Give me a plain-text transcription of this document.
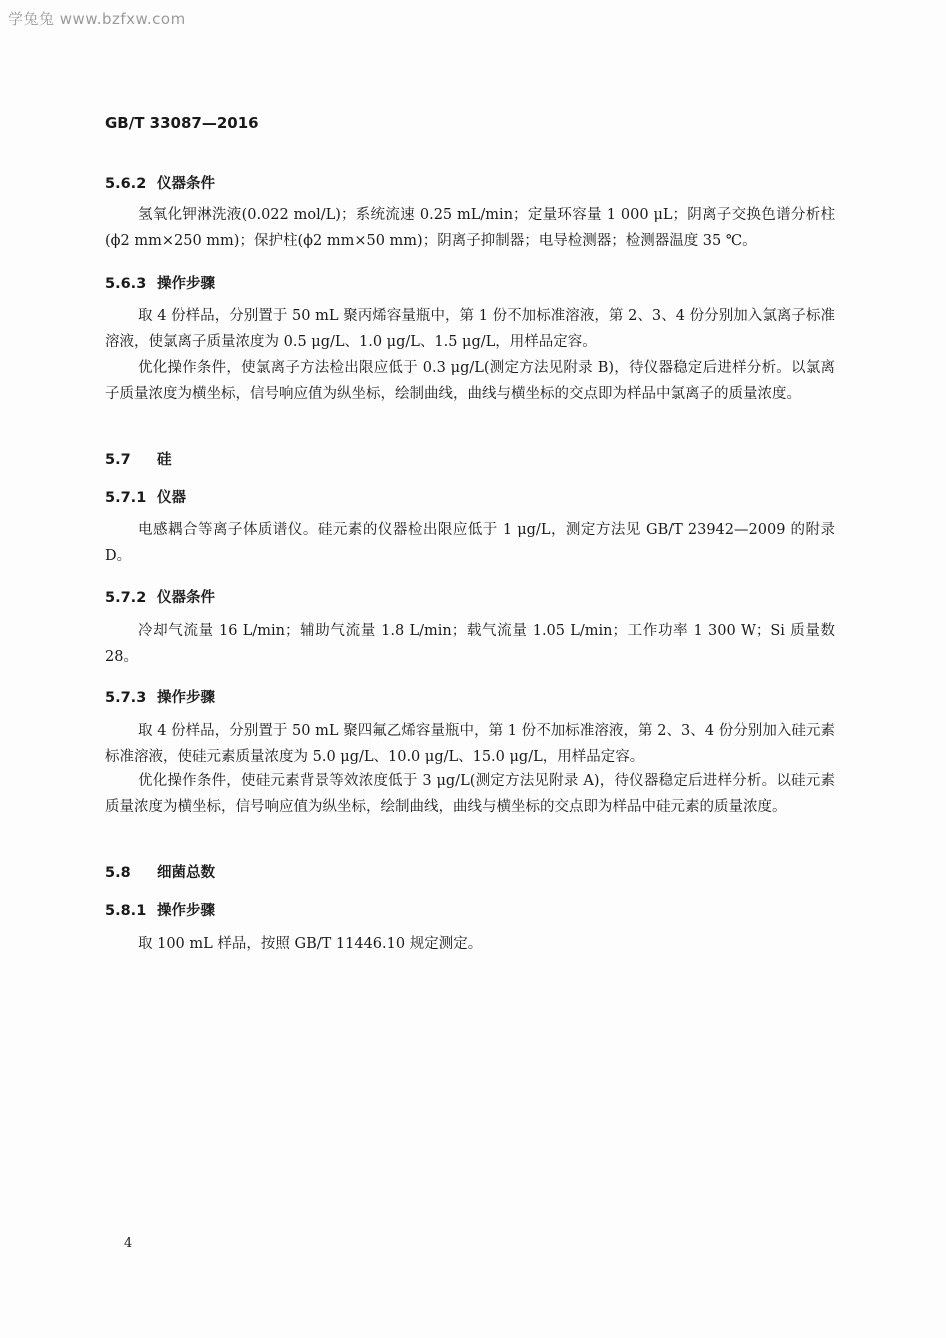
学兔兔 www.bzfxw.com
GB/T 33087—2016
5.6.2 仪器条件
氢氧化钾淋洗液(0.022 mol/L)；系统流速 0.25 mL/min；定量环容量 1 000 μL；阴离子交换色谱分析柱(ϕ2 mm×250 mm)；保护柱(ϕ2 mm×50 mm)；阴离子抑制器；电导检测器；检测器温度 35 ℃。
5.6.3 操作步骤
取 4 份样品，分别置于 50 mL 聚丙烯容量瓶中，第 1 份不加标准溶液，第 2、3、4 份分别加入氯离子标准溶液，使氯离子质量浓度为 0.5 μg/L、1.0 μg/L、1.5 μg/L，用样品定容。
优化操作条件，使氯离子方法检出限应低于 0.3 μg/L(测定方法见附录 B)，待仪器稳定后进样分析。以氯离子质量浓度为横坐标，信号响应值为纵坐标，绘制曲线，曲线与横坐标的交点即为样品中氯离子的质量浓度。
5.7 硅
5.7.1 仪器
电感耦合等离子体质谱仪。硅元素的仪器检出限应低于 1 μg/L，测定方法见 GB/T 23942—2009 的附录 D。
5.7.2 仪器条件
冷却气流量 16 L/min；辅助气流量 1.8 L/min；载气流量 1.05 L/min；工作功率 1 300 W；Si 质量数 28。
5.7.3 操作步骤
取 4 份样品，分别置于 50 mL 聚四氟乙烯容量瓶中，第 1 份不加标准溶液，第 2、3、4 份分别加入硅元素标准溶液，使硅元素质量浓度为 5.0 μg/L、10.0 μg/L、15.0 μg/L，用样品定容。
优化操作条件，使硅元素背景等效浓度低于 3 μg/L(测定方法见附录 A)，待仪器稳定后进样分析。以硅元素质量浓度为横坐标，信号响应值为纵坐标，绘制曲线，曲线与横坐标的交点即为样品中硅元素的质量浓度。
5.8 细菌总数
5.8.1 操作步骤
取 100 mL 样品，按照 GB/T 11446.10 规定测定。
4
